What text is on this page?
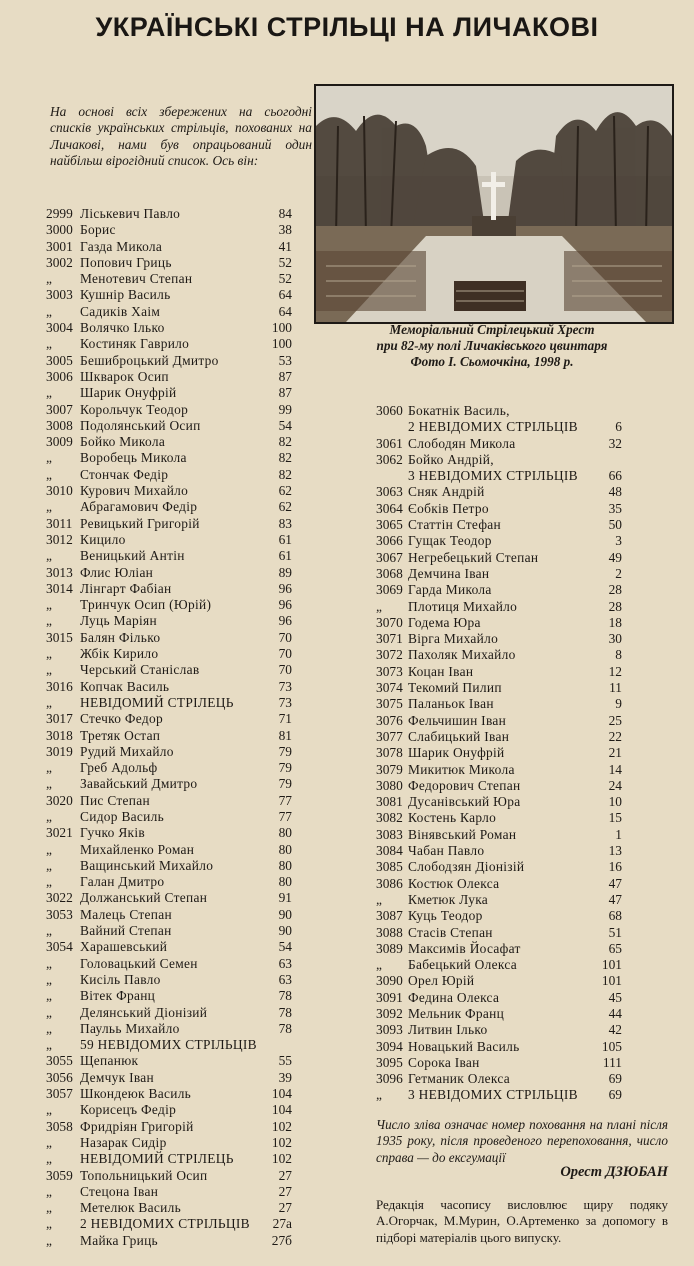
УКРАЇНСЬКІ СТРІЛЬЦІ НА ЛИЧАКОВІ
На основі всіх збережених на сьогодні списків українських стрільців, похованих на Личакові, нами був опрацьований один найбільш вірогідний список. Ось він:
Меморіальний Стрілецький Хрест
при 82-му полі Личаківського цвинтаря
Фото І. Сьомочкіна, 1998 р.
2999 Ліськевич Павло	84
3000 Борис	38
3001 Газда Микола	41
3002 Попович Гриць	52
„ Менотевич Степан	52
3003 Кушнір Василь	64
„ Садиків Хаім	64
3004 Волячко Ілько	100
„ Костиняк Гаврило	100
3005 Бешиброцький Дмитро	53
3006 Шкварок Осип	87
„ Шарик Онуфрій	87
3007 Корольчук Теодор	99
3008 Подолянський Осип	54
3009 Бойко Микола	82
„ Воробець Микола	82
„ Стончак Федір	82
3010 Курович Михайло	62
„ Абрагамович Федір	62
3011 Ревицький Григорій	83
3012 Кицило	61
„ Веницький Антін	61
3013 Флис Юліан	89
3014 Лінгарт Фабіан	96
„ Тринчук Осип (Юрій)	96
„ Луць Маріян	96
3015 Балян Філько	70
„ Жбік Кирило	70
„ Черський Станіслав	70
3016 Копчак Василь	73
„ НЕВІДОМИЙ СТРІЛЕЦЬ	73
3017 Стечко Федор	71
3018 Третяк Остап	81
3019 Рудий Михайло	79
„ Греб Адольф	79
„ Завайський Дмитро	79
3020 Пис Степан	77
„ Сидор Василь	77
3021 Гучко Яків	80
„ Михайленко Роман	80
„ Ващинський Михайло	80
„ Галан Дмитро	80
3022 Должанський Степан	91
3053 Малець Степан	90
„ Вайний Степан	90
3054 Харашевський	54
„ Головацький Семен	63
„ Кисіль Павло	63
„ Вітек Франц	78
„ Делянський Діонізий	78
„ Паульь Михайло	78
„ 59 НЕВІДОМИХ СТРІЛЬЦІВ
3055 Щепанюк	55
3056 Демчук Іван	39
3057 Шкондеюк Василь	104
„ Корисецъ Федір	104
3058 Фридріян Григорій	102
„ Назарак Сидір	102
„ НЕВІДОМИЙ СТРІЛЕЦЬ	102
3059 Топольницький Осип	27
„ Стецона Іван	27
„ Метелюк Василь	27
„ 2 НЕВІДОМИХ СТРІЛЬЦІВ 27а
„ Майка Гриць	27б
3060 Бокатнік Василь,
2 НЕВІДОМИХ СТРІЛЬЦІВ	6
3061 Слободян Микола	32
3062 Бойко Андрій,
3 НЕВІДОМИХ СТРІЛЬЦІВ 66
3063 Сняк Андрій	48
3064 Єобків Петро	35
3065 Статтін Стефан	50
3066 Гущак Теодор	3
3067 Негребецький Степан	49
3068 Демчина Іван	2
3069 Гарда Микола	28
„ Плотиця Михайло	28
3070 Годема Юра	18
3071 Вірга Михайло	30
3072 Пахоляк Михайло	8
3073 Коцан Іван	12
3074 Текомий Пилип	11
3075 Паланьок Іван	9
3076 Фельчишин Іван	25
3077 Слабицький Іван	22
3078 Шарик Онуфрій	21
3079 Микитюк Микола	14
3080 Федорович Степан	24
3081 Дусанівський Юра	10
3082 Костень Карло	15
3083 Вінявський Роман	1
3084 Чабан Павло	13
3085 Слободзян Діонізій	16
3086 Костюк Олекса	47
„ Кметюк Лука	47
3087 Куць Теодор	68
3088 Стасів Степан	51
3089 Максимів Йосафат	65
„ Бабецький Олекса	101
3090 Орел Юрій	101
3091 Федина Олекса	45
3092 Мельник Франц	44
3093 Литвин Ілько	42
3094 Новацький Василь	105
3095 Сорока Іван	111
3096 Гетманик Олекса	69
„ 3 НЕВІДОМИХ СТРІЛЬЦІВ 69
Число зліва означає номер поховання на плані після 1935 року, після проведеного перепоховання, число справа — до ексгумації
Орест ДЗЮБАН
Редакція часопису висловлює щиру подяку А.Огорчак, М.Мурин, О.Артеменко за допомогу в підборі матеріалів цього випуску.
